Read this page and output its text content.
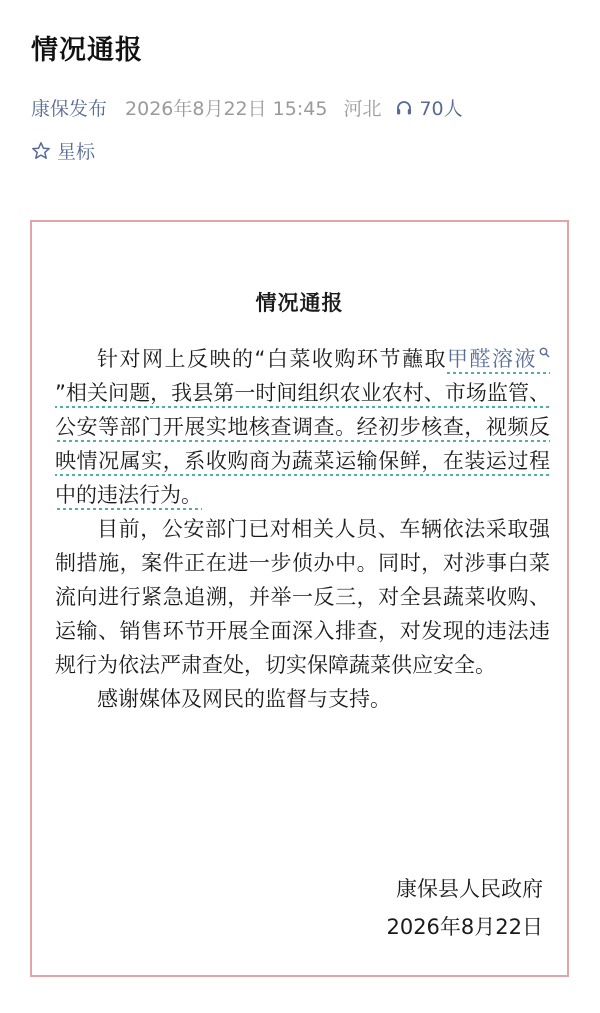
情况通报
康保发布 2026年8月22日 15:45 河北 70人
星标
情况通报

针对网上反映的“白菜收购环节蘸取甲醛溶液”相关问题，我县第一时间组织农业农村、市场监管、公安等部门开展实地核查调查。经初步核查，视频反映情况属实，系收购商为蔬菜运输保鲜，在装运过程中的违法行为。

目前，公安部门已对相关人员、车辆依法采取强制措施，案件正在进一步侦办中。同时，对涉事白菜流向进行紧急追溯，并举一反三，对全县蔬菜收购、运输、销售环节开展全面深入排查，对发现的违法违规行为依法严肃查处，切实保障蔬菜供应安全。

感谢媒体及网民的监督与支持。

康保县人民政府
2026年8月22日
